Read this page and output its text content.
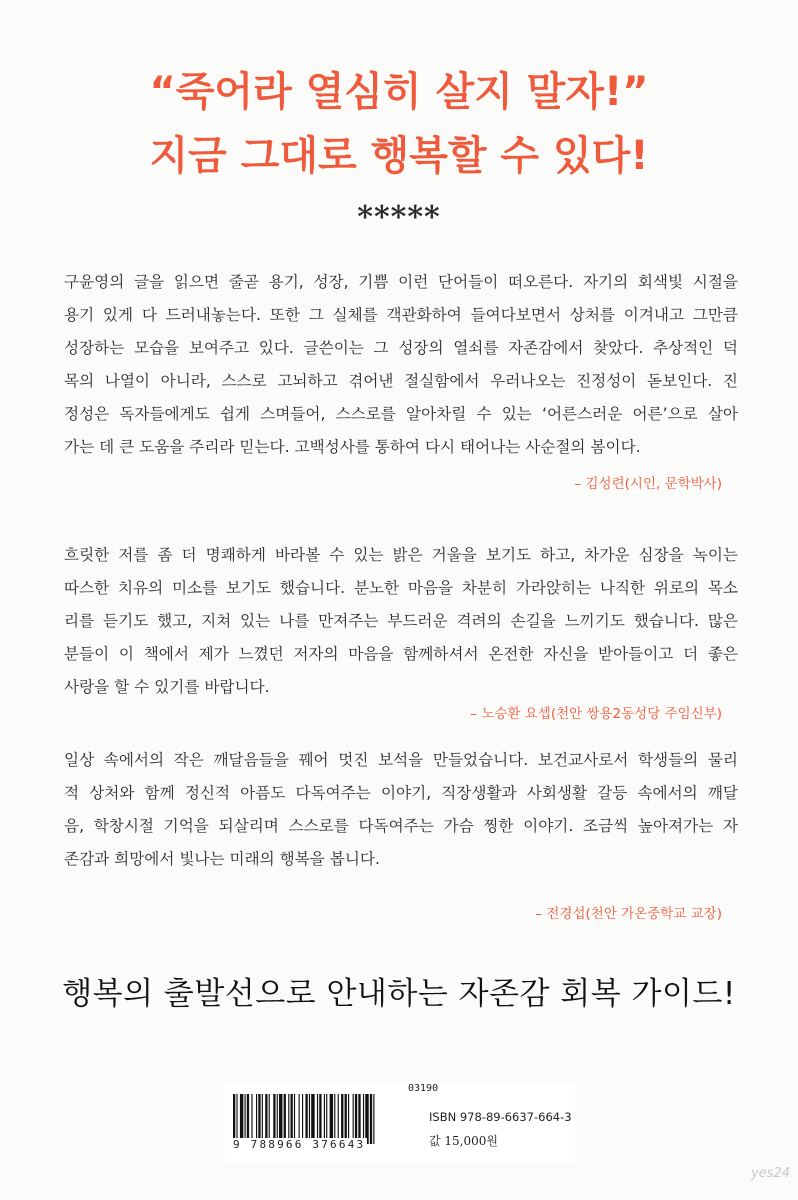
“죽어라 열심히 살지 말자!”
지금 그대로 행복할 수 있다!
*****
구윤영의 글을 읽으면 줄곧 용기, 성장, 기쁨 이런 단어들이 떠오른다. 자기의 회색빛 시절을
용기 있게 다 드러내놓는다. 또한 그 실체를 객관화하여 들여다보면서 상처를 이겨내고 그만큼
성장하는 모습을 보여주고 있다. 글쓴이는 그 성장의 열쇠를 자존감에서 찾았다. 추상적인 덕
목의 나열이 아니라, 스스로 고뇌하고 겪어낸 절실함에서 우러나오는 진정성이 돋보인다. 진
정성은 독자들에게도 쉽게 스며들어, 스스로를 알아차릴 수 있는 ‘어른스러운 어른’으로 살아
가는 데 큰 도움을 주리라 믿는다. 고백성사를 통하여 다시 태어나는 사순절의 봄이다.
– 김성련(시인, 문학박사)
흐릿한 저를 좀 더 명쾌하게 바라볼 수 있는 밝은 거울을 보기도 하고, 차가운 심장을 녹이는
따스한 치유의 미소를 보기도 했습니다. 분노한 마음을 차분히 가라앉히는 나직한 위로의 목소
리를 듣기도 했고, 지쳐 있는 나를 만져주는 부드러운 격려의 손길을 느끼기도 했습니다. 많은
분들이 이 책에서 제가 느꼈던 저자의 마음을 함께하셔서 온전한 자신을 받아들이고 더 좋은
사랑을 할 수 있기를 바랍니다.
– 노승환 요셉(천안 쌍용2동성당 주임신부)
일상 속에서의 작은 깨달음들을 꿰어 멋진 보석을 만들었습니다. 보건교사로서 학생들의 물리
적 상처와 함께 정신적 아픔도 다독여주는 이야기, 직장생활과 사회생활 갈등 속에서의 깨달
음, 학창시절 기억을 되살리며 스스로를 다독여주는 가슴 찡한 이야기. 조금씩 높아져가는 자
존감과 희망에서 빛나는 미래의 행복을 봅니다.
– 전경섭(천안 가온중학교 교장)
행복의 출발선으로 안내하는 자존감 회복 가이드!
03190
9 788966 376643
ISBN 978-89-6637-664-3
값 15,000원
yes24
